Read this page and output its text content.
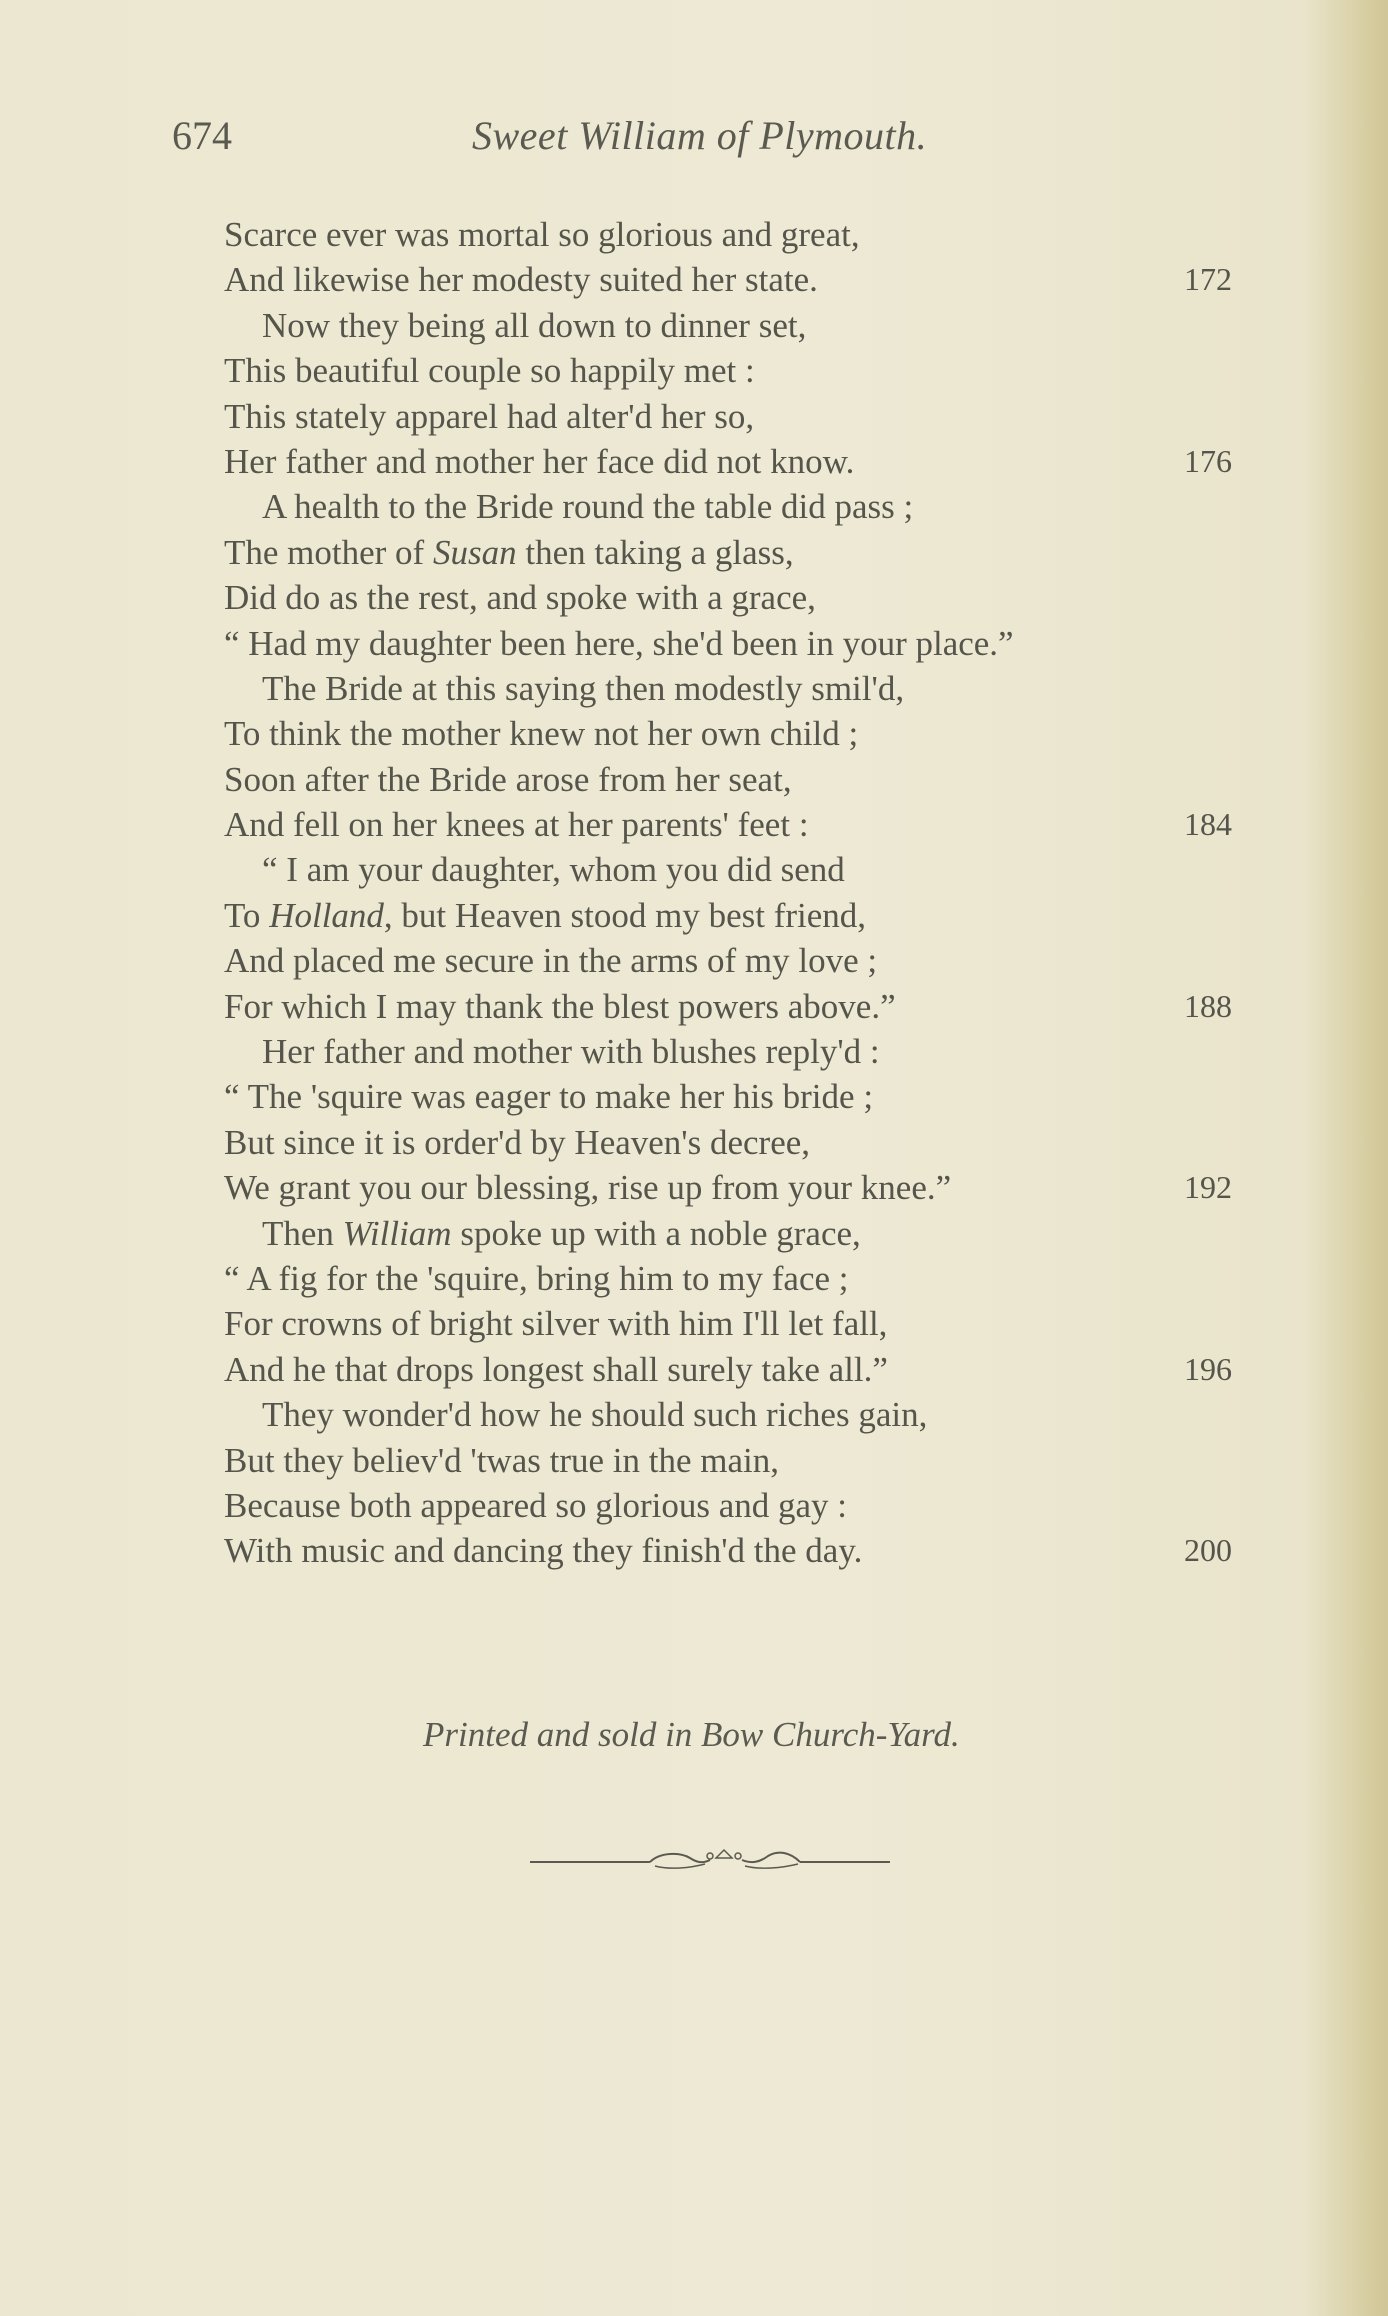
674	Sweet William of Plymouth.
Scarce ever was mortal so glorious and great,
And likewise her modesty suited her state.	172
Now they being all down to dinner set,
This beautiful couple so happily met :
This stately apparel had alter'd her so,
Her father and mother her face did not know.	176
A health to the Bride round the table did pass ;
The mother of Susan then taking a glass,
Did do as the rest, and spoke with a grace,
“ Had my daughter been here, she'd been in your place.”
The Bride at this saying then modestly smil'd,
To think the mother knew not her own child ;
Soon after the Bride arose from her seat,
And fell on her knees at her parents' feet :	184
“ I am your daughter, whom you did send
To Holland, but Heaven stood my best friend,
And placed me secure in the arms of my love ;
For which I may thank the blest powers above.”	188
Her father and mother with blushes reply'd :
“ The 'squire was eager to make her his bride ;
But since it is order'd by Heaven's decree,
We grant you our blessing, rise up from your knee.”	192
Then William spoke up with a noble grace,
“ A fig for the 'squire, bring him to my face ;
For crowns of bright silver with him I'll let fall,
And he that drops longest shall surely take all.”	196
They wonder'd how he should such riches gain,
But they believ'd 'twas true in the main,
Because both appeared so glorious and gay :
With music and dancing they finish'd the day.	200
Printed and sold in Bow Church-Yard.
